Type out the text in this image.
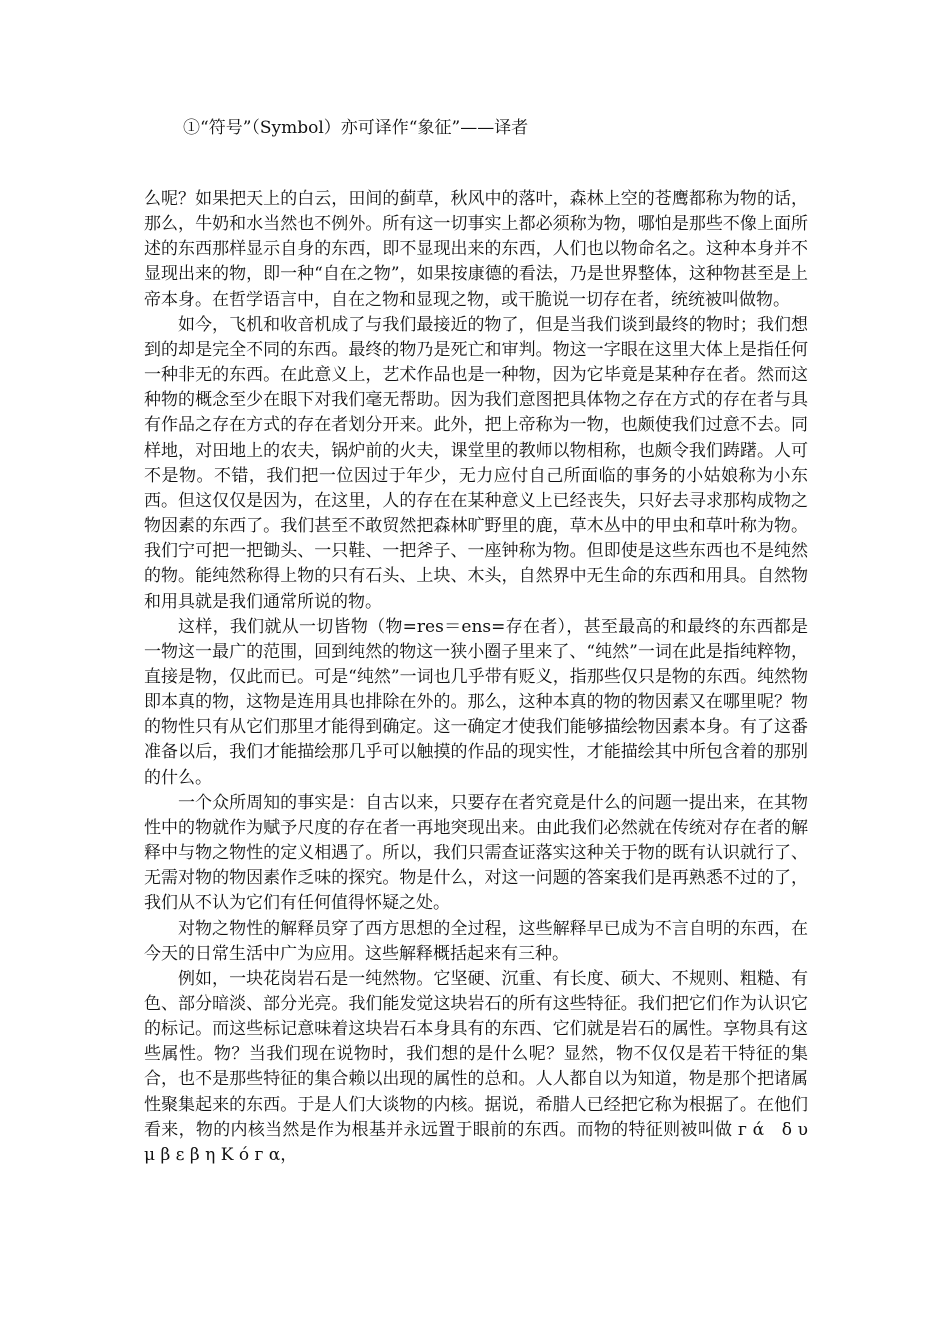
①“符号”（Symbol）亦可译作“象征”——译者

么呢？如果把天上的白云，田间的蓟草，秋风中的落叶，森林上空的苍鹰都称为物的话，那么，牛奶和水当然也不例外。所有这一切事实上都必须称为物，哪怕是那些不像上面所述的东西那样显示自身的东西，即不显现出来的东西，人们也以物命名之。这种本身并不显现出来的物，即一种“自在之物”，如果按康德的看法，乃是世界整体，这种物甚至是上帝本身。在哲学语言中，自在之物和显现之物，或干脆说一切存在者，统统被叫做物。

如今，飞机和收音机成了与我们最接近的物了，但是当我们谈到最终的物时；我们想到的却是完全不同的东西。最终的物乃是死亡和审判。物这一字眼在这里大体上是指任何一种非无的东西。在此意义上，艺术作品也是一种物，因为它毕竟是某种存在者。然而这种物的概念至少在眼下对我们毫无帮助。因为我们意图把具体物之存在方式的存在者与具有作品之存在方式的存在者划分开来。此外，把上帝称为一物，也颇使我们过意不去。同样地，对田地上的农夫，锅炉前的火夫，课堂里的教师以物相称，也颇令我们踌躇。人可不是物。不错，我们把一位因过于年少，无力应付自己所面临的事务的小姑娘称为小东西。但这仅仅是因为，在这里，人的存在在某种意义上已经丧失，只好去寻求那构成物之物因素的东西了。我们甚至不敢贸然把森林旷野里的鹿，草木丛中的甲虫和草叶称为物。我们宁可把一把锄头、一只鞋、一把斧子、一座钟称为物。但即使是这些东西也不是纯然的物。能纯然称得上物的只有石头、上块、木头，自然界中无生命的东西和用具。自然物和用具就是我们通常所说的物。

这样，我们就从一切皆物（物=res＝ens=存在者），甚至最高的和最终的东西都是一物这一最广的范围，回到纯然的物这一狭小圈子里来了、“纯然”一词在此是指纯粹物，直接是物，仅此而已。可是“纯然”一词也几乎带有贬义，指那些仅只是物的东西。纯然物即本真的物，这物是连用具也排除在外的。那么，这种本真的物的物因素又在哪里呢？物的物性只有从它们那里才能得到确定。这一确定才使我们能够描绘物因素本身。有了这番准备以后，我们才能描绘那几乎可以触摸的作品的现实性，才能描绘其中所包含着的那别的什么。

一个众所周知的事实是：自古以来，只要存在者究竟是什么的问题一提出来，在其物性中的物就作为赋予尺度的存在者一再地突现出来。由此我们必然就在传统对存在者的解释中与物之物性的定义相遇了。所以，我们只需查证落实这种关于物的既有认识就行了、无需对物的物因素作乏味的探究。物是什么，对这一问题的答案我们是再熟悉不过的了，我们从不认为它们有任何值得怀疑之处。

对物之物性的解释员穿了西方思想的全过程，这些解释早已成为不言自明的东西，在今天的日常生活中广为应用。这些解释概括起来有三种。

例如，一块花岗岩石是一纯然物。它坚硬、沉重、有长度、硕大、不规则、粗糙、有色、部分暗淡、部分光亮。我们能发觉这块岩石的所有这些特征。我们把它们作为认识它的标记。而这些标记意味着这块岩石本身具有的东西、它们就是岩石的属性。享物具有这些属性。物？当我们现在说物时，我们想的是什么呢？显然，物不仅仅是若干特征的集合，也不是那些特征的集合赖以出现的属性的总和。人人都自以为知道，物是那个把诸属性聚集起来的东西。于是人们大谈物的内核。据说，希腊人已经把它称为根据了。在他们看来，物的内核当然是作为根基并永远置于眼前的东西。而物的特征则被叫做 г ά　δ υ μ β ε β η Κ ό г α，
